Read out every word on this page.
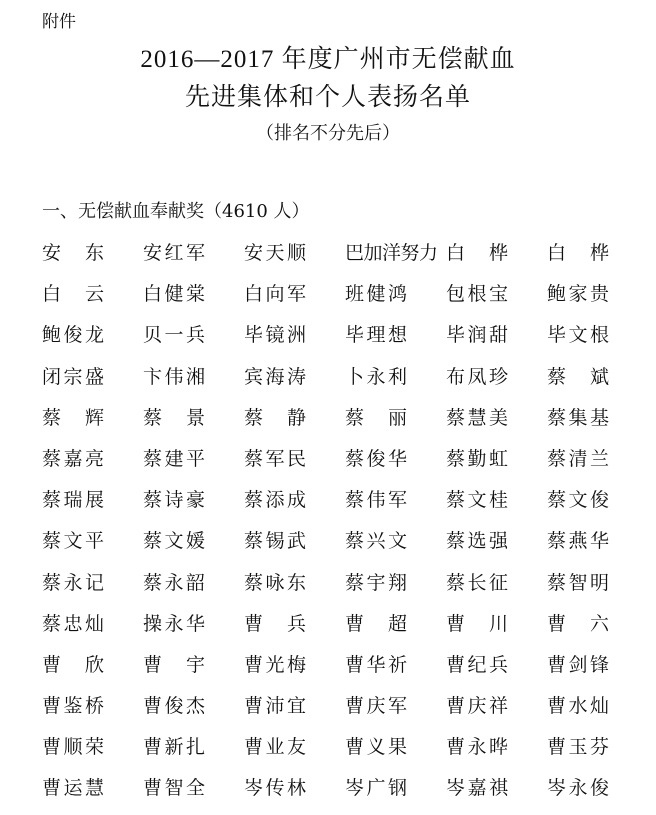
附件
2016—2017 年度广州市无偿献血
先进集体和个人表扬名单
（排名不分先后）
一、无偿献血奉献奖（4610 人）
安　东 安红军 安天顺 巴加洋努力 白　桦 白　桦
白　云 白健棠 白向军 班健鸿 包根宝 鲍家贵
鲍俊龙 贝一兵 毕镜洲 毕理想 毕润甜 毕文根
闭宗盛 卞伟湘 宾海涛 卜永利 布凤珍 蔡　斌
蔡　辉 蔡　景 蔡　静 蔡　丽 蔡慧美 蔡集基
蔡嘉亮 蔡建平 蔡军民 蔡俊华 蔡勤虹 蔡清兰
蔡瑞展 蔡诗豪 蔡添成 蔡伟军 蔡文桂 蔡文俊
蔡文平 蔡文媛 蔡锡武 蔡兴文 蔡选强 蔡燕华
蔡永记 蔡永韶 蔡咏东 蔡宇翔 蔡长征 蔡智明
蔡忠灿 操永华 曹　兵 曹　超 曹　川 曹　六
曹　欣 曹　宇 曹光梅 曹华祈 曹纪兵 曹剑锋
曹鉴桥 曹俊杰 曹沛宜 曹庆军 曹庆祥 曹水灿
曹顺荣 曹新扎 曹业友 曹义果 曹永晔 曹玉芬
曹运慧 曹智全 岑传林 岑广钢 岑嘉祺 岑永俊
